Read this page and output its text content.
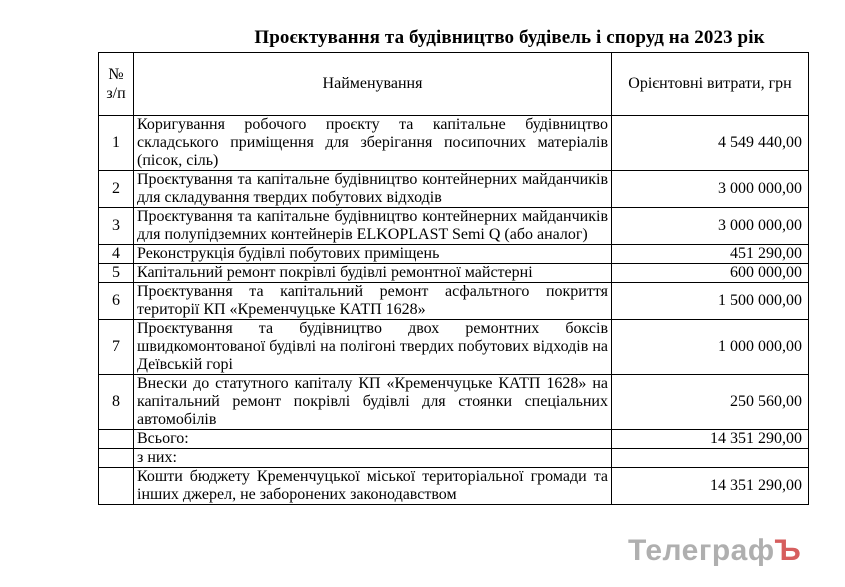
Проєктування та будівництво будівель і споруд на 2023 рік
№ з/п	Найменування	Орієнтовні витрати, грн
1	Коригування робочого проєкту та капітальне будівництво складського приміщення для зберігання посипочних матеріалів (пісок, сіль)	4 549 440,00
2	Проєктування та капітальне будівництво контейнерних майданчиків для складування твердих побутових відходів	3 000 000,00
3	Проєктування та капітальне будівництво контейнерних майданчиків для полупідземних контейнерів ELKOPLAST Semi Q (або аналог)	3 000 000,00
4	Реконструкція будівлі побутових приміщень	451 290,00
5	Капітальний ремонт покрівлі будівлі ремонтної майстерні	600 000,00
6	Проєктування та капітальний ремонт асфальтного покриття території КП «Кременчуцьке КАТП 1628»	1 500 000,00
7	Проєктування та будівництво двох ремонтних боксів швидкомонтованої будівлі на полігоні твердих побутових відходів на Деївській горі	1 000 000,00
8	Внески до статутного капіталу КП «Кременчуцьке КАТП 1628» на капітальний ремонт покрівлі будівлі для стоянки спеціальних автомобілів	250 560,00
	Всього:	14 351 290,00
	з них:	
	Кошти бюджету Кременчуцької міської територіальної громади та інших джерел, не заборонених законодавством	14 351 290,00
ТелеграфЪ
